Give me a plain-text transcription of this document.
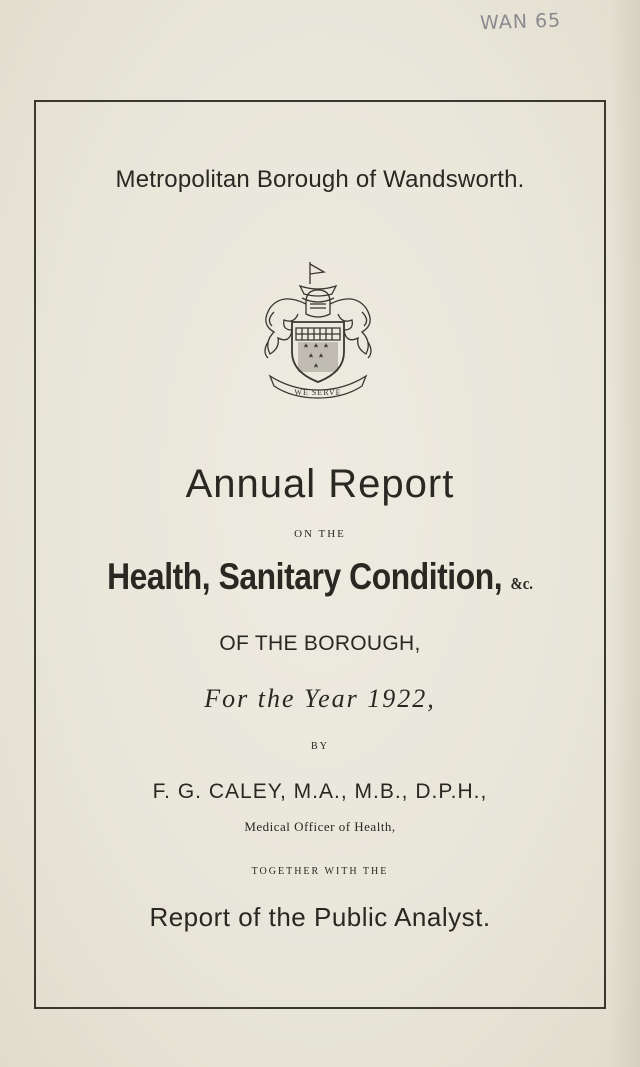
WAN 65
Metropolitan Borough of Wandsworth.
WE SERVE
Annual Report
ON THE
Health, Sanitary Condition, &c.
OF THE BOROUGH,
For the Year 1922,
BY
F. G. CALEY, M.A., M.B., D.P.H.,
Medical Officer of Health,
TOGETHER WITH THE
Report of the Public Analyst.
